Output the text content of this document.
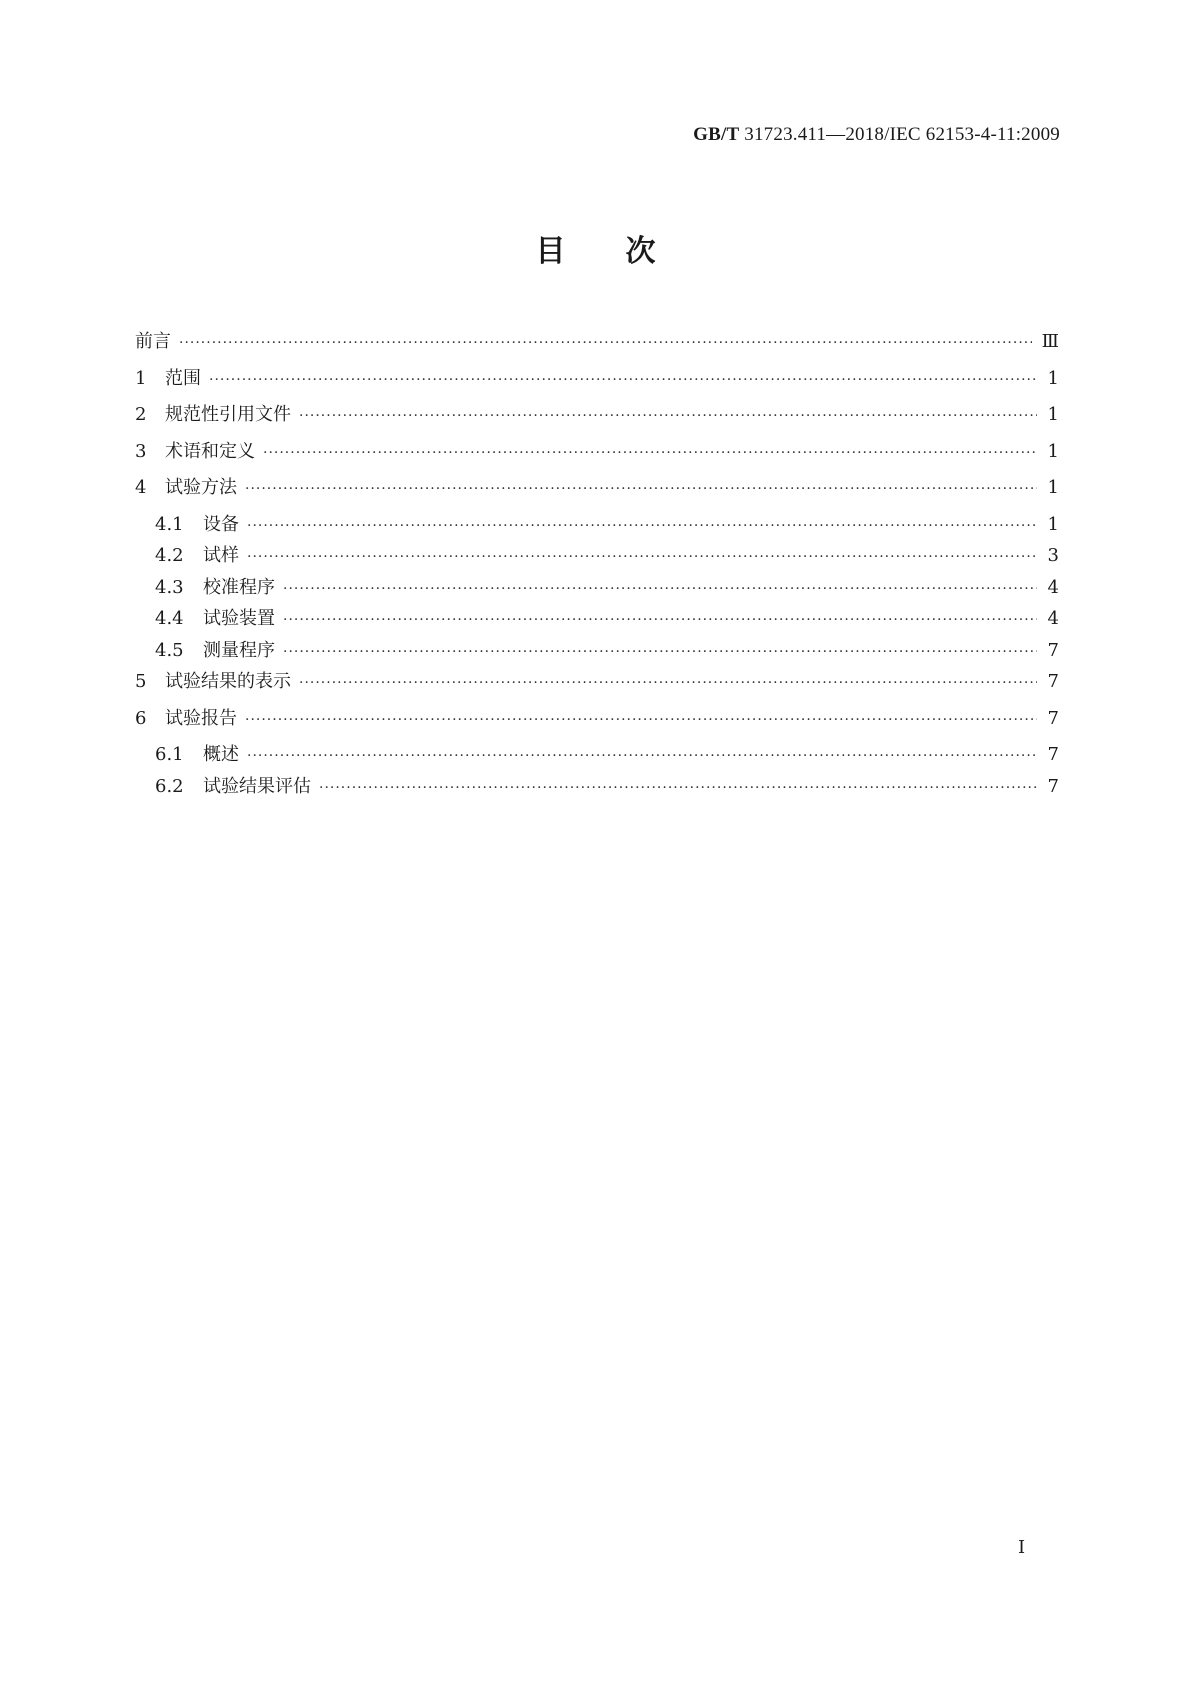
GB/T 31723.411—2018/IEC 62153-4-11:2009
目次
前言 ·····	Ⅲ
1	范围 ·····	1
2	规范性引用文件 ·····	1
3	术语和定义 ·····	1
4	试验方法 ·····	1
4.1	设备 ·····	1
4.2	试样 ·····	3
4.3	校准程序 ·····	4
4.4	试验装置 ·····	4
4.5	测量程序 ·····	7
5	试验结果的表示 ·····	7
6	试验报告 ·····	7
6.1	概述 ·····	7
6.2	试验结果评估 ·····	7
I
